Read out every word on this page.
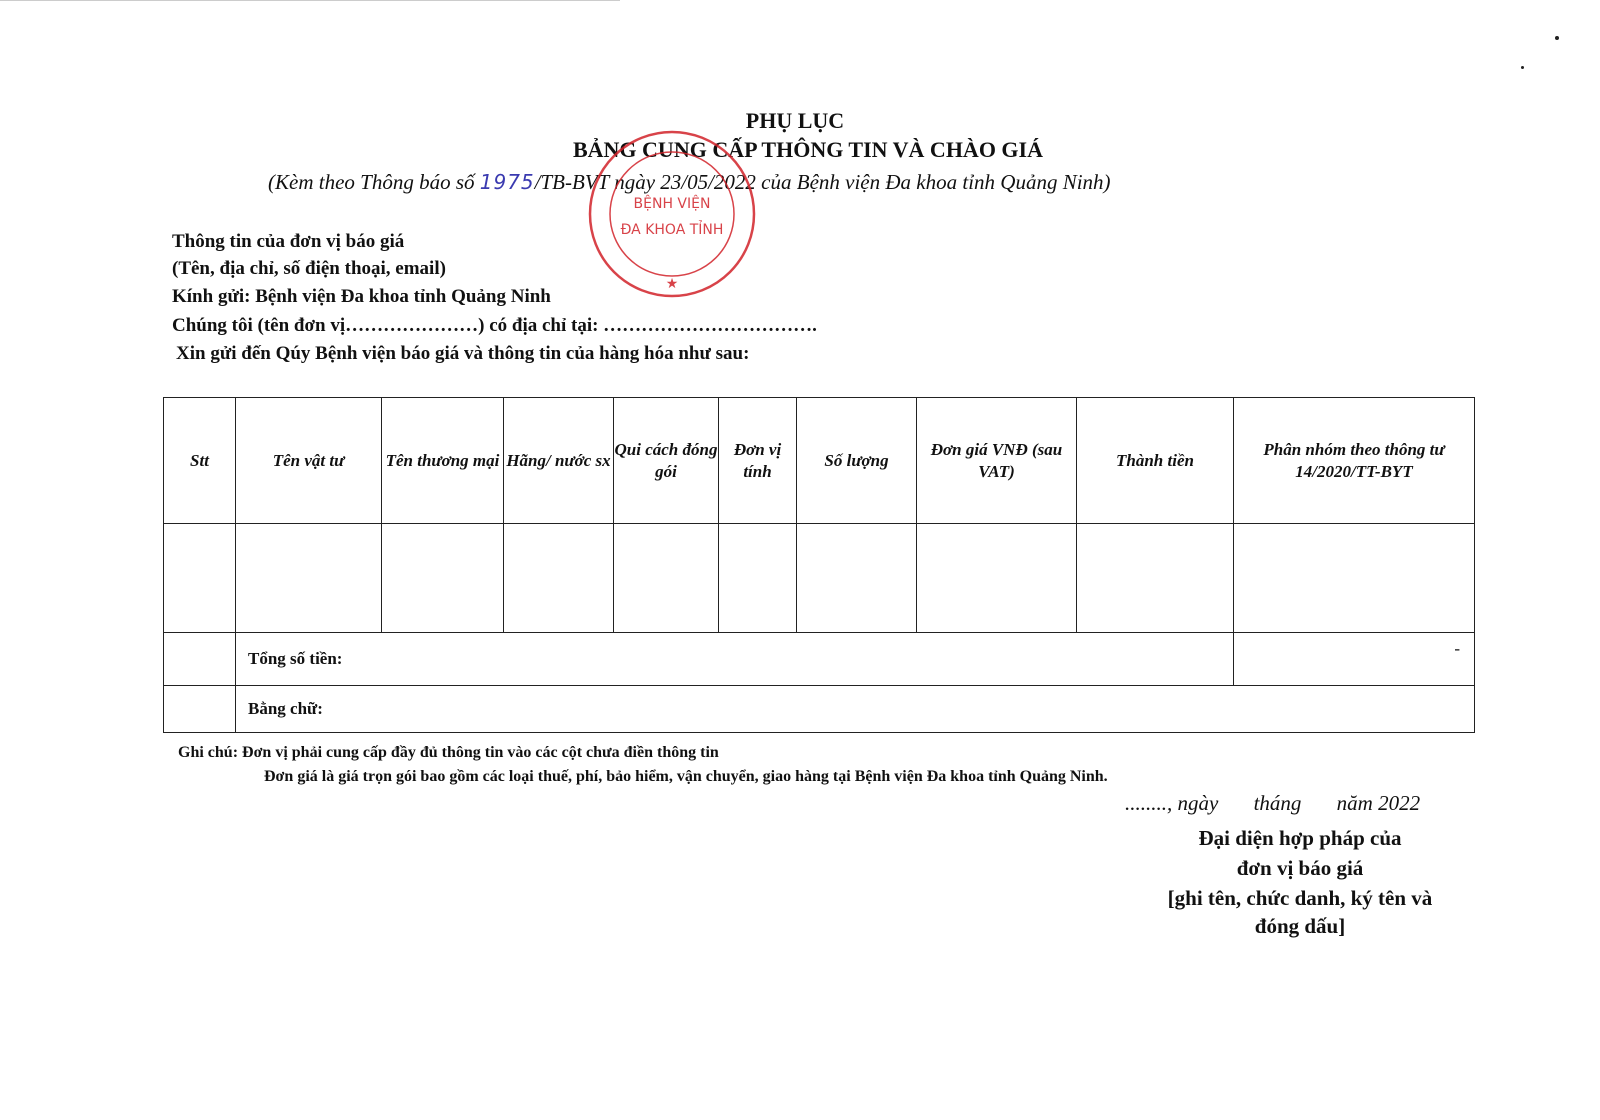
PHỤ LỤC
BẢNG CUNG CẤP THÔNG TIN VÀ CHÀO GIÁ
(Kèm theo Thông báo số 1975/TB-BVT ngày 23/05/2022 của Bệnh viện Đa khoa tỉnh Quảng Ninh)
BỆNH VIỆN
ĐA KHOA TỈNH
★
Thông tin của đơn vị báo giá
(Tên, địa chỉ, số điện thoại, email)
Kính gửi: Bệnh viện Đa khoa tỉnh Quảng Ninh
Chúng tôi (tên đơn vị…………………) có địa chỉ tại: …………………………….
Xin gửi đến Qúy Bệnh viện báo giá và thông tin của hàng hóa như sau:
Stt	Tên vật tư	Tên thương mại	Hãng/ nước sx	Qui cách đóng gói	Đơn vị tính	Số lượng	Đơn giá VNĐ (sau VAT)	Thành tiền	Phân nhóm theo thông tư 14/2020/TT-BYT

	Tổng số tiền:								-
	Bằng chữ:								
Ghi chú: Đơn vị phải cung cấp đầy đủ thông tin vào các cột chưa điền thông tin
Đơn giá là giá trọn gói bao gồm các loại thuế, phí, bảo hiểm, vận chuyển, giao hàng tại Bệnh viện Đa khoa tỉnh Quảng Ninh.
........, ngày tháng năm 2022
Đại diện hợp pháp của
đơn vị báo giá
[ghi tên, chức danh, ký tên và
đóng dấu]
